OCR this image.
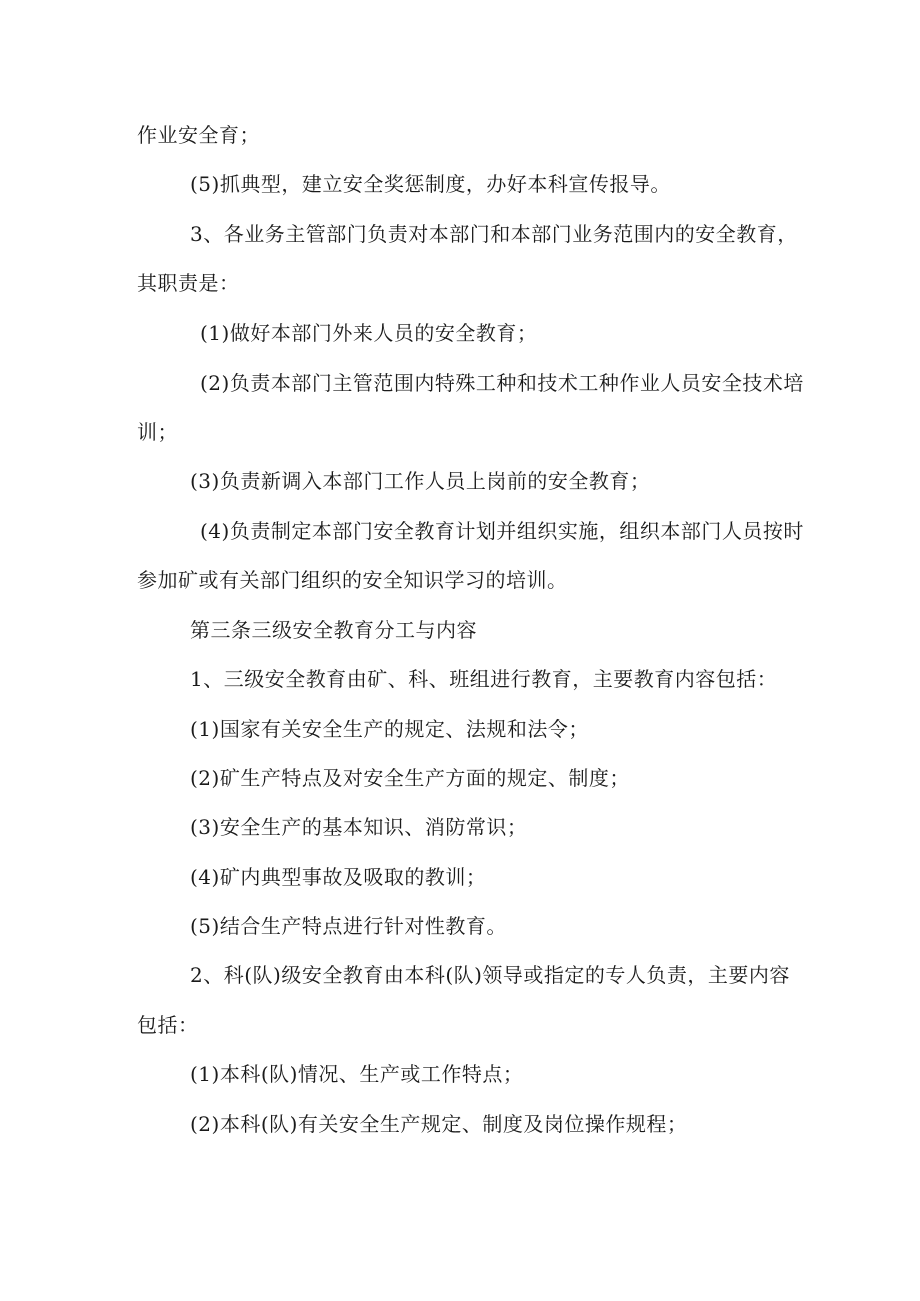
作业安全育；
(5)抓典型，建立安全奖惩制度，办好本科宣传报导。
3、各业务主管部门负责对本部门和本部门业务范围内的安全教育，
其职责是：
(1)做好本部门外来人员的安全教育；
(2)负责本部门主管范围内特殊工种和技术工种作业人员安全技术培
训；
(3)负责新调入本部门工作人员上岗前的安全教育；
(4)负责制定本部门安全教育计划并组织实施，组织本部门人员按时
参加矿或有关部门组织的安全知识学习的培训。
第三条三级安全教育分工与内容
1、三级安全教育由矿、科、班组进行教育，主要教育内容包括：
(1)国家有关安全生产的规定、法规和法令；
(2)矿生产特点及对安全生产方面的规定、制度；
(3)安全生产的基本知识、消防常识；
(4)矿内典型事故及吸取的教训；
(5)结合生产特点进行针对性教育。
2、科(队)级安全教育由本科(队)领导或指定的专人负责，主要内容
包括：
(1)本科(队)情况、生产或工作特点；
(2)本科(队)有关安全生产规定、制度及岗位操作规程；
